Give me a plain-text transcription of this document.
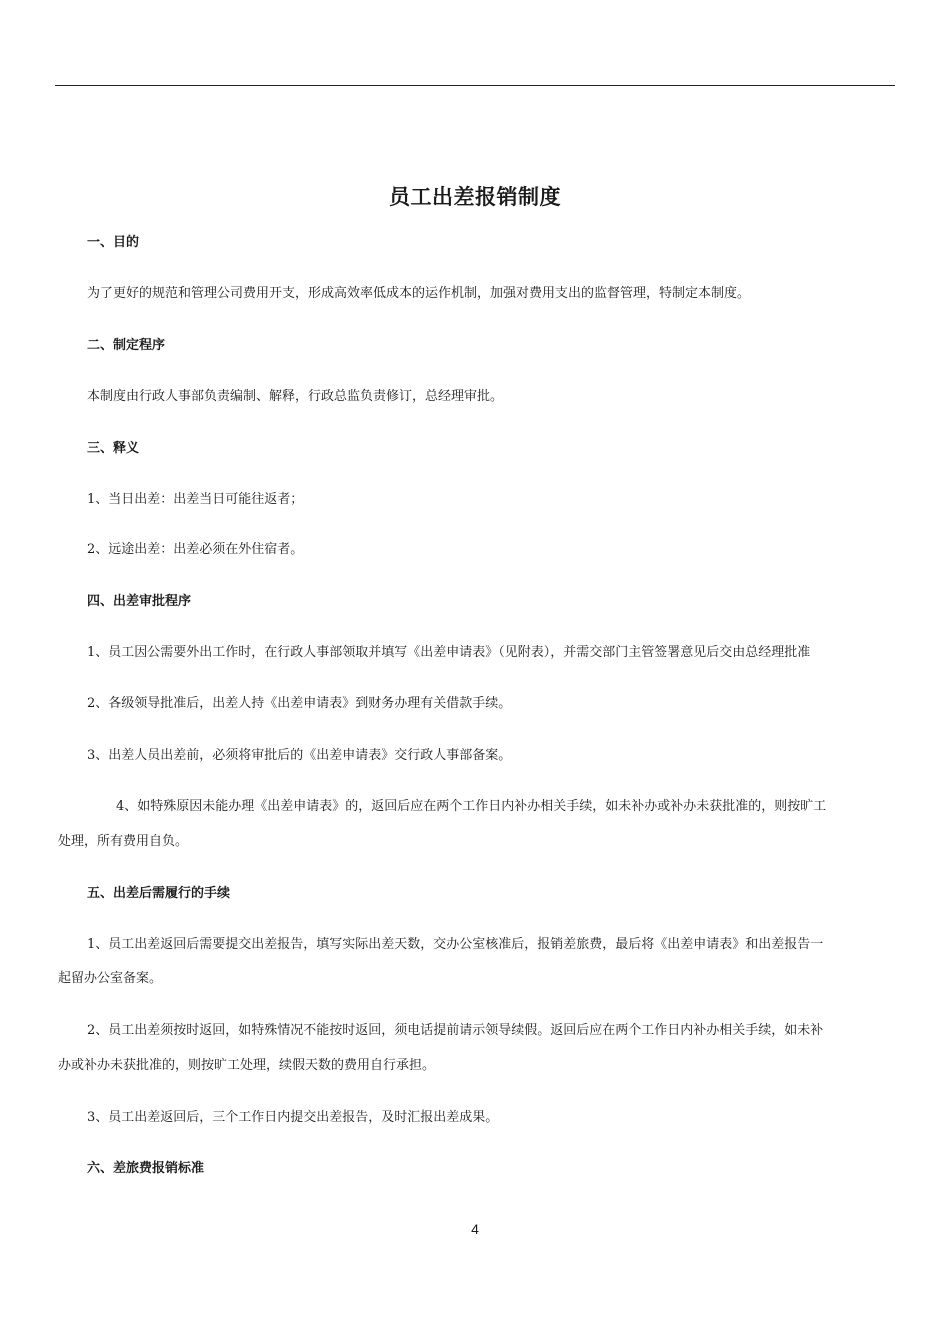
员工出差报销制度
一、目的
为了更好的规范和管理公司费用开支，形成高效率低成本的运作机制，加强对费用支出的监督管理，特制定本制度。
二、制定程序
本制度由行政人事部负责编制、解释，行政总监负责修订，总经理审批。
三、释义
1、当日出差：出差当日可能往返者；
2、远途出差：出差必须在外住宿者。
四、出差审批程序
1、员工因公需要外出工作时，在行政人事部领取并填写《出差申请表》（见附表），并需交部门主管签署意见后交由总经理批准
2、各级领导批准后，出差人持《出差申请表》到财务办理有关借款手续。
3、出差人员出差前，必须将审批后的《出差申请表》交行政人事部备案。
4、如特殊原因未能办理《出差申请表》的，返回后应在两个工作日内补办相关手续，如未补办或补办未获批准的，则按旷工
处理，所有费用自负。
五、出差后需履行的手续
1、员工出差返回后需要提交出差报告，填写实际出差天数，交办公室核准后，报销差旅费，最后将《出差申请表》和出差报告一
起留办公室备案。
2、员工出差须按时返回，如特殊情况不能按时返回，须电话提前请示领导续假。返回后应在两个工作日内补办相关手续，如未补
办或补办未获批准的，则按旷工处理，续假天数的费用自行承担。
3、员工出差返回后，三个工作日内提交出差报告，及时汇报出差成果。
六、差旅费报销标准
4
